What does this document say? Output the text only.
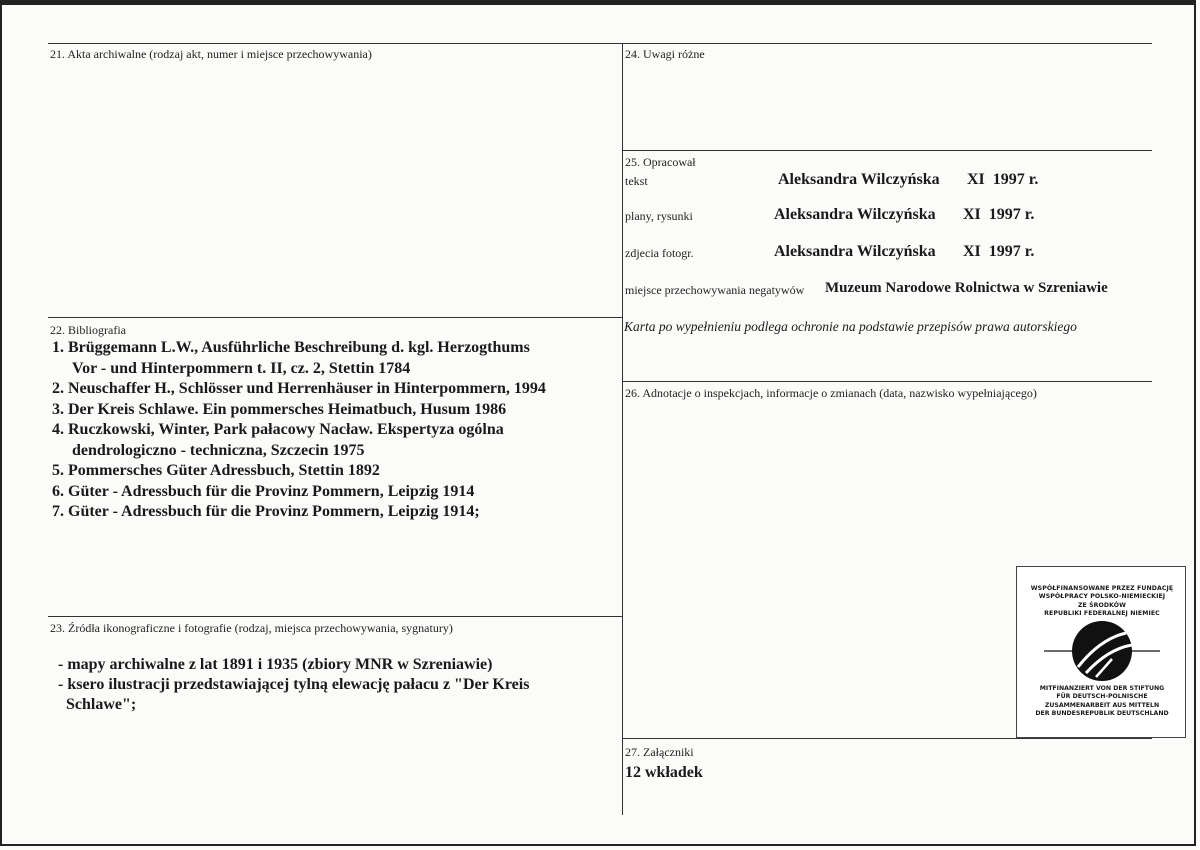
21. Akta archiwalne (rodzaj akt, numer i miejsce przechowywania)
22. Bibliografia
1. Brüggemann L.W., Ausführliche Beschreibung d. kgl. Herzogthums
Vor - und Hinterpommern t. II, cz. 2, Stettin 1784
2. Neuschaffer H., Schlösser und Herrenhäuser in Hinterpommern, 1994
3. Der Kreis Schlawe. Ein pommersches Heimatbuch, Husum 1986
4. Ruczkowski, Winter, Park pałacowy Nacław. Ekspertyza ogólna
dendrologiczno - techniczna, Szczecin 1975
5. Pommersches Güter Adressbuch, Stettin 1892
6. Güter - Adressbuch für die Provinz Pommern, Leipzig 1914
7. Güter - Adressbuch für die Provinz Pommern, Leipzig 1914;
23. Źródła ikonograficzne i fotografie (rodzaj, miejsca przechowywania, sygnatury)
- mapy archiwalne z lat 1891 i 1935 (zbiory MNR w Szreniawie)
- ksero ilustracji przedstawiającej tylną elewację pałacu z "Der Kreis
Schlawe";
24. Uwagi różne
25. Opracował
tekst	Aleksandra Wilczyńska XI  1997 r.
plany, rysunki	Aleksandra Wilczyńska XI  1997 r.
zdjecia fotogr.	Aleksandra Wilczyńska XI  1997 r.
miejsce przechowywania negatywów Muzeum Narodowe Rolnictwa w Szreniawie
Karta po wypełnieniu podlega ochronie na podstawie przepisów prawa autorskiego
26. Adnotacje o inspekcjach, informacje o zmianach (data, nazwisko wypełniającego)
WSPÓŁFINANSOWANE PRZEZ FUNDACJĘ
WSPÓŁPRACY POLSKO-NIEMIECKIEJ
ZE ŚRODKÓW
REPUBLIKI FEDERALNEJ NIEMIEC
MITFINANZIERT VON DER STIFTUNG
FÜR DEUTSCH-POLNISCHE
ZUSAMMENARBEIT AUS MITTELN
DER BUNDESREPUBLIK DEUTSCHLAND
27. Załączniki
12 wkładek
